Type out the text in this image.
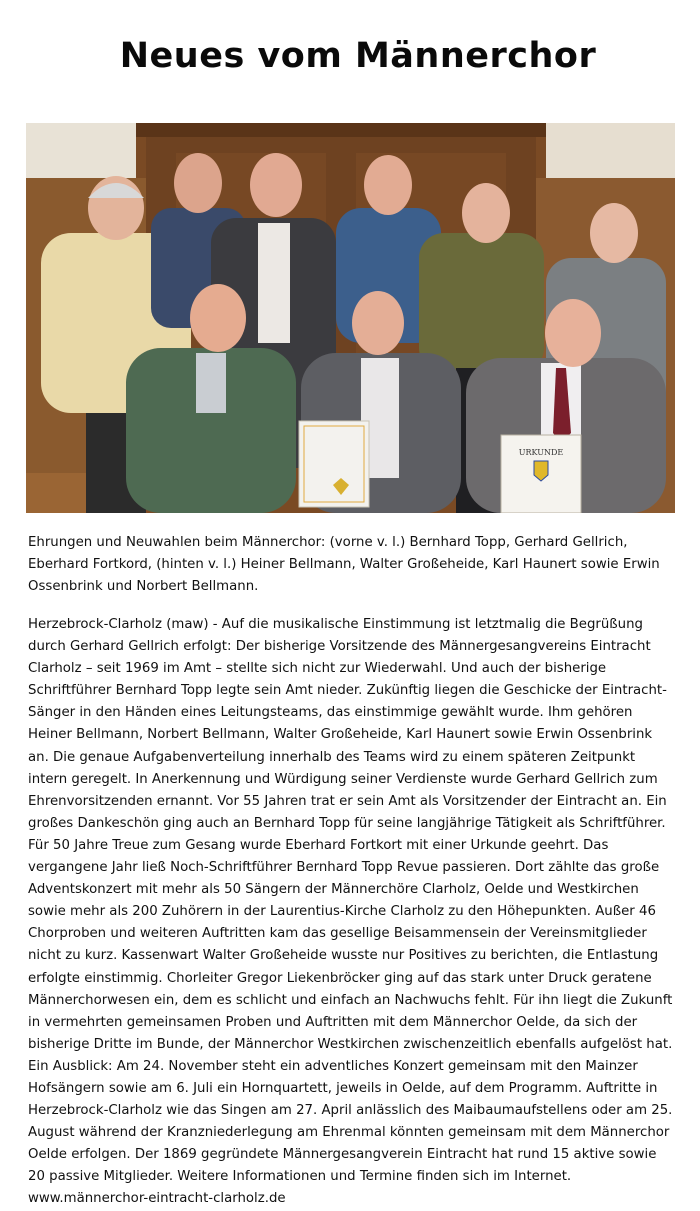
Neues vom Männerchor
URKUNDE

Ehrungen und Neuwahlen beim Männerchor: (vorne v. l.) Bernhard Topp, Gerhard Gellrich, Eberhard Fortkord, (hinten v. l.) Heiner Bellmann, Walter Großeheide, Karl Haunert sowie Erwin Ossenbrink und Norbert Bellmann.

Herzebrock-Clarholz (maw) - Auf die musikalische Einstimmung ist letztmalig die Begrüßung durch Gerhard Gellrich erfolgt: Der bisherige Vorsitzende des Männergesangvereins Eintracht Clarholz – seit 1969 im Amt – stellte sich nicht zur Wiederwahl. Und auch der bisherige Schriftführer Bernhard Topp legte sein Amt nieder. Zukünftig liegen die Geschicke der Eintracht-Sänger in den Händen eines Leitungsteams, das einstimmige gewählt wurde. Ihm gehören Heiner Bellmann, Norbert Bellmann, Walter Großeheide, Karl Haunert sowie Erwin Ossenbrink an. Die genaue Aufgabenverteilung innerhalb des Teams wird zu einem späteren Zeitpunkt intern geregelt. In Anerkennung und Würdigung seiner Verdienste wurde Gerhard Gellrich zum Ehrenvorsitzenden ernannt. Vor 55 Jahren trat er sein Amt als Vorsitzender der Eintracht an. Ein großes Dankeschön ging auch an Bernhard Topp für seine langjährige Tätigkeit als Schriftführer. Für 50 Jahre Treue zum Gesang wurde Eberhard Fortkort mit einer Urkunde geehrt. Das vergangene Jahr ließ Noch-Schriftführer Bernhard Topp Revue passieren. Dort zählte das große Adventskonzert mit mehr als 50 Sängern der Männerchöre Clarholz, Oelde und Westkirchen sowie mehr als 200 Zuhörern in der Laurentius-Kirche Clarholz zu den Höhepunkten. Außer 46 Chorproben und weiteren Auftritten kam das gesellige Beisammensein der Vereinsmitglieder nicht zu kurz. Kassenwart Walter Großeheide wusste nur Positives zu berichten, die Entlastung erfolgte einstimmig. Chorleiter Gregor Liekenbröcker ging auf das stark unter Druck geratene Männerchorwesen ein, dem es schlicht und einfach an Nachwuchs fehlt. Für ihn liegt die Zukunft in vermehrten gemeinsamen Proben und Auftritten mit dem Männerchor Oelde, da sich der bisherige Dritte im Bunde, der Männerchor Westkirchen zwischenzeitlich ebenfalls aufgelöst hat. Ein Ausblick: Am 24. November steht ein adventliches Konzert gemeinsam mit den Mainzer Hofsängern sowie am 6. Juli ein Hornquartett, jeweils in Oelde, auf dem Programm. Auftritte in Herzebrock-Clarholz wie das Singen am 27. April anlässlich des Maibaumaufstellens oder am 25. August während der Kranzniederlegung am Ehrenmal könnten gemeinsam mit dem Männerchor Oelde erfolgen. Der 1869 gegründete Männergesangverein Eintracht hat rund 15 aktive sowie 20 passive Mitglieder. Weitere Informationen und Termine finden sich im Internet. www.männerchor-eintracht-clarholz.de
